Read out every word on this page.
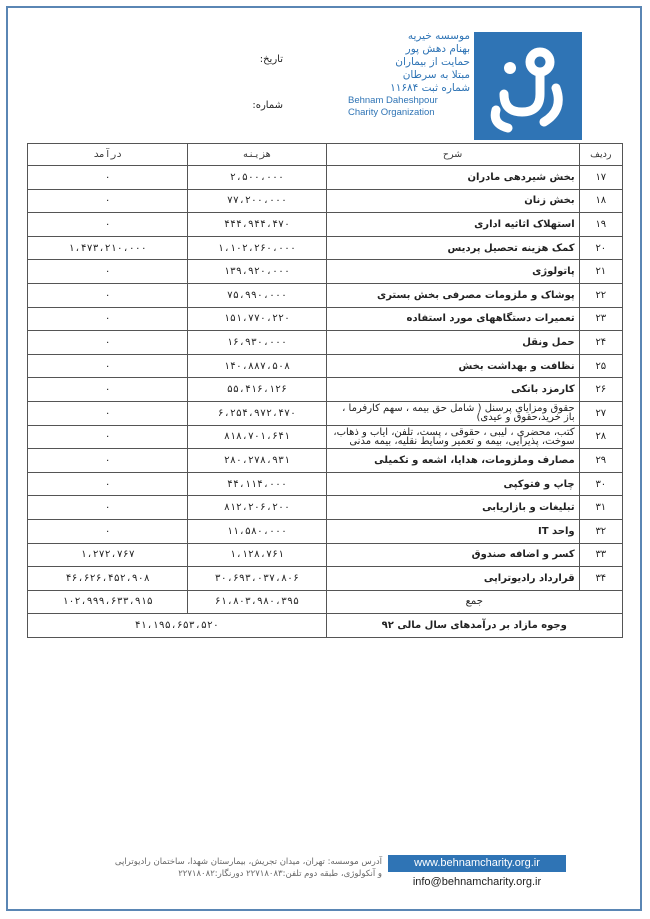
موسسه خیریه
بهنام دهش پور
حمایت از بیماران
مبتلا به سرطان
شماره ثبت ۱۱۶۸۴
Behnam Daheshpour
Charity Organization
تاریخ:
شماره:
ردیف	شرح	هزینه	درآمد
۱۷	بخش شیردهی مادران	۲،۵۰۰،۰۰۰	۰
۱۸	بخش زنان	۷۷،۲۰۰،۰۰۰	۰
۱۹	استهلاک اثاثیه اداری	۴۴۴،۹۴۴،۴۷۰	۰
۲۰	کمک هزینه تحصیل پردیس	۱،۱۰۲،۲۶۰،۰۰۰	۱،۴۷۳،۲۱۰،۰۰۰
۲۱	پاتولوژی	۱۳۹،۹۲۰،۰۰۰	۰
۲۲	پوشاک و ملزومات مصرفی بخش بستری	۷۵،۹۹۰،۰۰۰	۰
۲۳	تعمیرات دستگاههای مورد استفاده	۱۵۱،۷۷۰،۲۲۰	۰
۲۴	حمل ونقل	۱۶،۹۳۰،۰۰۰	۰
۲۵	نظافت و بهداشت بخش	۱۴۰،۸۸۷،۵۰۸	۰
۲۶	کارمزد بانکی	۵۵،۴۱۶،۱۲۶	۰
۲۷	حقوق ومزایای پرسنل ( شامل حق بیمه ، سهم کارفرما ، باز خرید،حقوق و عیدی)	۶،۲۵۴،۹۷۲،۴۷۰	۰
۲۸	کتب، محضری ، لیبی ، حقوقی ، پست، تلفن، ایاب و ذهاب، سوخت، پذیرایی، بیمه و تعمیر وسایط نقلیه، بیمه مدنی	۸۱۸،۷۰۱،۶۴۱	۰
۲۹	مصارف وملزومات، هدایا، اشعه و تکمیلی	۲۸۰،۲۷۸،۹۳۱	۰
۳۰	چاپ و فتوکپی	۴۴،۱۱۴،۰۰۰	۰
۳۱	تبلیغات و بازاریابی	۸۱۲،۲۰۶،۲۰۰	۰
۳۲	واحد IT	۱۱،۵۸۰،۰۰۰	۰
۳۳	کسر و اضافه صندوق	۱،۱۲۸،۷۶۱	۱،۲۷۲،۷۶۷
۳۴	قرارداد رادیوتراپی	۳۰،۶۹۳،۰۳۷،۸۰۶	۴۶،۶۲۶،۴۵۲،۹۰۸
جمع		۶۱،۸۰۳،۹۸۰،۳۹۵	۱۰۲،۹۹۹،۶۳۳،۹۱۵
وجوه مازاد بر درآمدهای سال مالی ۹۲		۴۱،۱۹۵،۶۵۳،۵۲۰	
آدرس موسسه: تهران، میدان تجریش، بیمارستان شهدا، ساختمان رادیوتراپی
و آنکولوژی، طبقه دوم تلفن:۲۲۷۱۸۰۸۳ دورنگار:۲۲۷۱۸۰۸۲
www.behnamcharity.org.ir
info@behnamcharity.org.ir
